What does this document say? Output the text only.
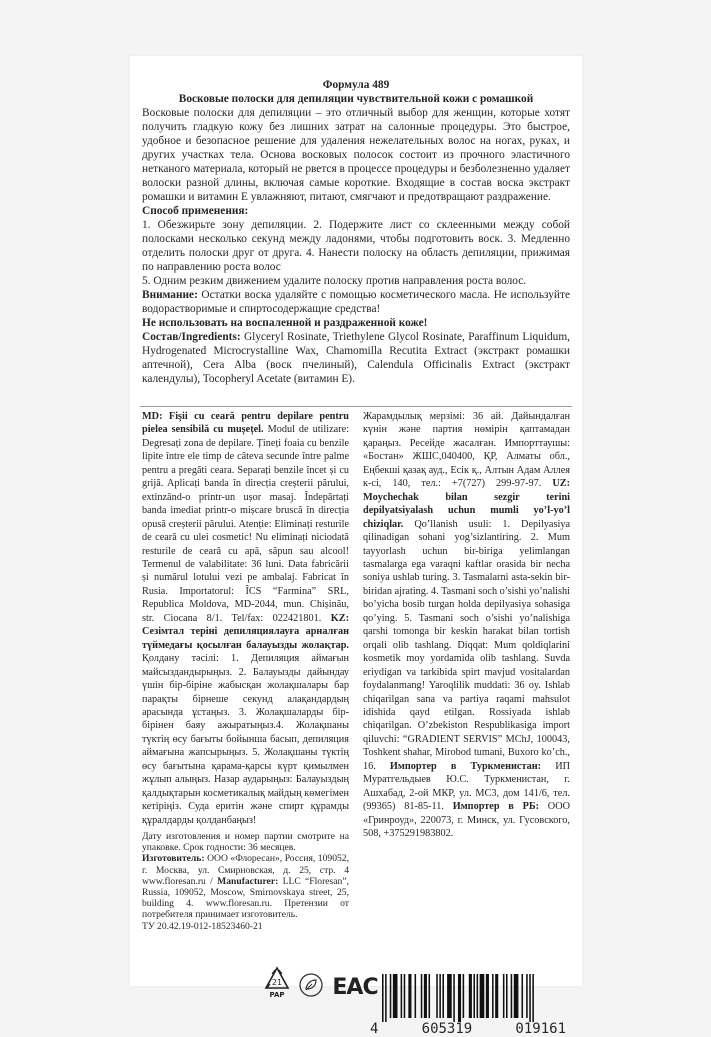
Формула 489

Восковые полоски для депиляции чувствительной кожи с ромашкой

Восковые полоски для депиляции – это отличный выбор для женщин, которые хотят получить гладкую кожу без лишних затрат на салонные процедуры. Это быстрое, удобное и безопасное решение для удаления нежелательных волос на ногах, руках, и других участках тела. Основа восковых полосок состоит из прочного эластичного нетканого материала, который не рвется в процессе процедуры и безболезненно удаляет волоски разной длины, включая самые короткие. Входящие в состав воска экстракт ромашки и витамин Е увлажняют, питают, смягчают и предотвращают раздражение.

Способ применения:

1. Обезжирьте зону депиляции. 2. Подержите лист со склеенными между собой полосками несколько секунд между ладонями, чтобы подготовить воск. 3. Медленно отделить полоски друг от друга. 4. Нанести полоску на область депиляции, прижимая по направлению роста волос

5. Одним резким движением удалите полоску против направления роста волос.

Внимание: Остатки воска удаляйте с помощью косметического масла. Не используйте водорастворимые и спиртосодержащие средства!

Не использовать на воспаленной и раздраженной коже!

Состав/Ingredients: Glyceryl Rosinate, Triethylene Glycol Rosinate, Paraffinum Liquidum, Hydrogenated Microcrystalline Wax, Chamomilla Recutita Extract (экстракт ромашки аптечной), Cera Alba (воск пчелиный), Calendula Officinalis Extract (экстракт календулы), Tocopheryl Acetate (витамин Е).

MD: Fişii cu ceară pentru depilare pentru pielea sensibilă cu mușețel. Modul de utilizare: Degresați zona de depilare. Țineți foaia cu benzile lipite între ele timp de câteva secunde între palme pentru a pregăti ceara. Separați benzile încet și cu grijă. Aplicați banda în direcția creșterii părului, extinzând-o printr-un ușor masaj. Îndepărtați banda imediat printr-o mișcare bruscă în direcția opusă creșterii părului. Atenție: Eliminați resturile de ceară cu ulei cosmetic! Nu eliminați niciodată resturile de ceară cu apă, săpun sau alcool! Termenul de valabilitate: 36 luni. Data fabricării și numărul lotului vezi pe ambalaj. Fabricat în Rusia. Importatorul: ÎCS “Farmina” SRL, Republica Moldova, MD-2044, mun. Chișinău, str. Ciocana 8/1. Tel/fax: 022421801. KZ: Сезімтал теріні депиляциялауға арналған түймедағы қосылған балауызды жолақтар. Қолдану тәсілі: 1. Депиляция аймағын майсыздандырыңыз. 2. Балауызды дайындау үшін бір-біріне жабысқан жолақшалары бар парақты бірнеше секунд алақандардың арасында ұстаңыз. 3. Жолақшаларды бір-бірінен баяу ажыратыңыз.4. Жолақшаны түктің өсу бағыты бойынша басып, депиляция аймағына жапсырыңыз. 5. Жолақшаны түктің өсу бағытына қарама-қарсы күрт қимылмен жұлып алыңыз. Назар аударыңыз: Балауыздың қалдықтарын косметикалық майдың көмегімен кетіріңіз. Суда еритін және спирт құрамды құралдарды қолданбаңыз!
Жарамдылық мерзімі: 36 ай. Дайындалған күнін және партия нөмірін қаптамадан қараңыз. Ресейде жасалған. Импорттаушы: «Бостан» ЖШС,040400, ҚР, Алматы обл., Еңбекші қазақ ауд., Есік қ., Алтын Адам Аллея к-сі, 140, тел.: +7(727) 299-97-97. UZ: Moychechak bilan sezgir terini depilyatsiyalash uchun mumli yo’l-yo’l chiziqlar. Qo’llanish usuli: 1. Depilyasiya qilinadigan sohani yog’sizlantiring. 2. Mum tayyorlash uchun bir-biriga yelimlangan tasmalarga ega varaqni kaftlar orasida bir necha soniya ushlab turing. 3. Tasmalarni asta-sekin bir-biridan ajrating. 4. Tasmani soch o’sishi yo’nalishi bo’yicha bosib turgan holda depilyasiya sohasiga qo’ying. 5. Tasmani soch o’sishi yo’nalishiga qarshi tomonga bir keskin harakat bilan tortish orqali olib tashlang. Diqqat: Mum qoldiqlarini kosmetik moy yordamida olib tashlang. Suvda eriydigan va tarkibida spirt mavjud vositalardan foydalanmang! Yaroqlilik muddati: 36 oy. Ishlab chiqarilgan sana va partiya raqami mahsulot idishida qayd etilgan. Rossiyada ishlab chiqarilgan. O’zbekiston Respublikasiga import qiluvchi: “GRADIENT SERVIS” MChJ, 100043, Toshkent shahar, Mirobod tumani, Buxoro ko’ch., 16. Импортер в Туркменистан: ИП Муратгельдыев Ю.С. Туркменистан, г. Ашхабад, 2-ой МКР, ул. МС3, дом 141/6, тел. (99365) 81-85-11. Импортер в РБ: ООО «Гринроуд», 220073, г. Минск, ул. Гусовского, 508, +375291983802.

Дату изготовления и номер партии смотрите на упаковке. Срок годности: 36 месяцев.

Изготовитель: ООО «Флоресан», Россия, 109052, г. Москва, ул. Смирновская, д. 25, стр. 4 www.floresan.ru / Manufacturer: LLC “Floresan”, Russia, 109052, Moscow, Smirnovskaya street, 25, building 4. www.floresan.ru. Претензии от потребителя принимает изготовитель.

ТУ 20.42.19-012-18523460-21

21
PAP ЕАС
4	605319	019161
